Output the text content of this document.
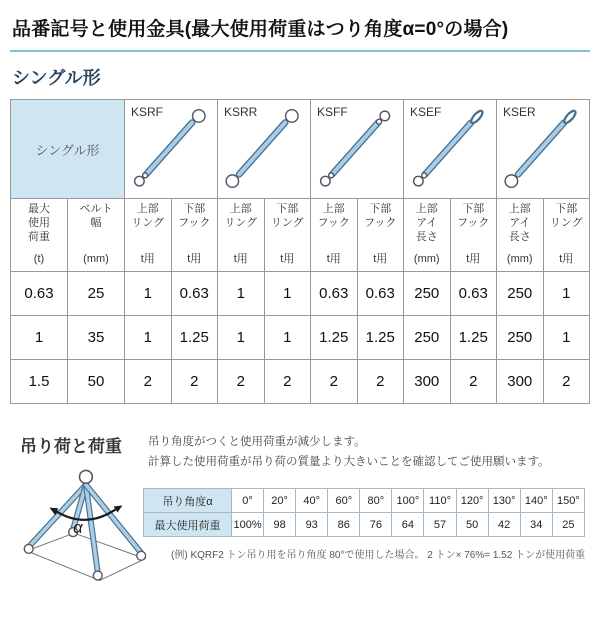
品番記号と使用金具(最大使用荷重はつり角度α=0°の場合)
シングル形
シングル形		KSRF		KSRR		KSFF		KSEF		KSER	

最大
使用
荷重
(t)

ベルト
幅
(mm)

上部
リング
t用

下部
フック
t用

上部
リング
t用

下部
リング
t用

上部
フック
t用

下部
フック
t用

上部
アイ
長さ
(mm)

下部
フック
t用

上部
アイ
長さ
(mm)

下部
リング
t用

0.63	25	1	0.63	1	1	0.63	0.63	250	0.63	250	1
1	35	1	1.25	1	1	1.25	1.25	250	1.25	250	1
1.5	50	2	2	2	2	2	2	300	2	300	2
吊り荷と荷重	吊り角度がつくと使用荷重が減少します。
計算した使用荷重が吊り荷の質量より大きいことを確認してご使用願います。
α
吊り角度α	0°	20°	40°	60°	80°	100°	110°	120°	130°	140°	150°
最大使用荷重	100%	98	93	86	76	64	57	50	42	34	25
(例) KQRF2 トン吊り用を吊り角度 80°で使用した場合。 2 トン× 76%= 1.52 トンが使用荷重
